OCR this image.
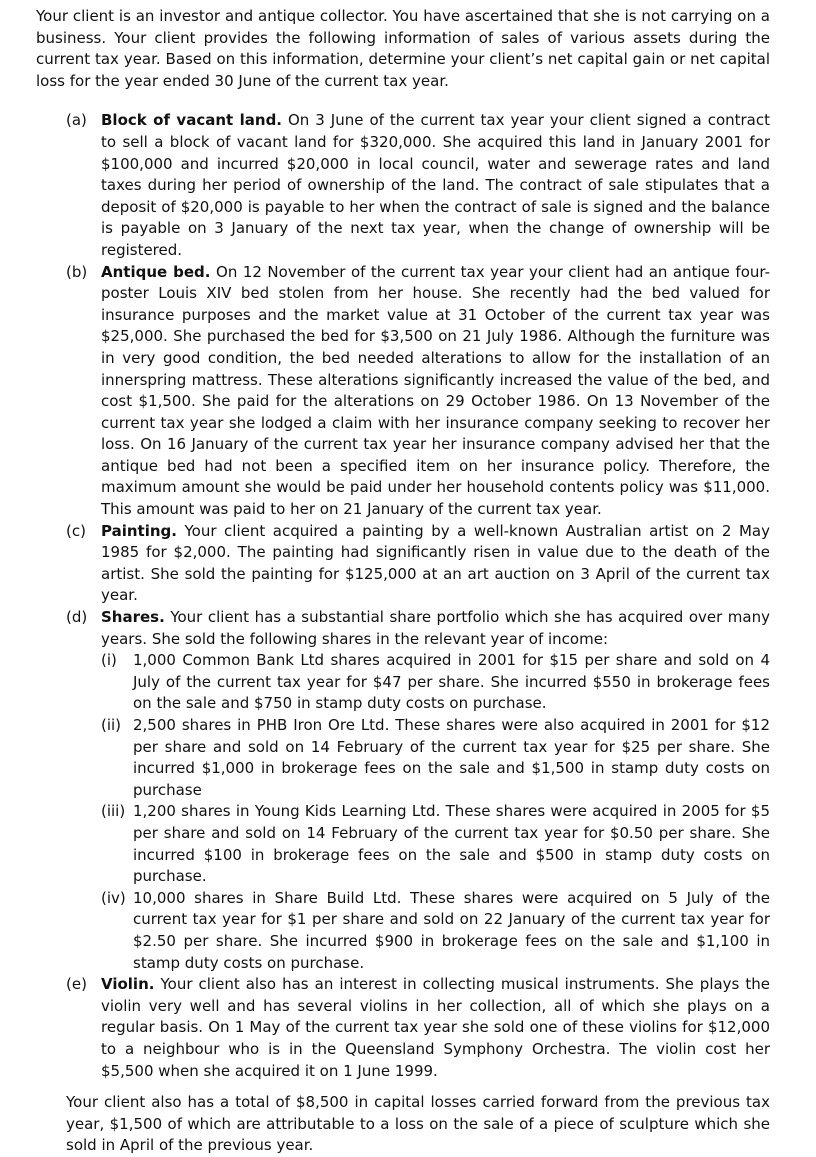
Your client is an investor and antique collector. You have ascertained that she is not carrying on a business. Your client provides the following information of sales of various assets during the current tax year. Based on this information, determine your client’s net capital gain or net capital loss for the year ended 30 June of the current tax year.

(a) Block of vacant land. On 3 June of the current tax year your client signed a contract to sell a block of vacant land for $320,000. She acquired this land in January 2001 for $100,000 and incurred $20,000 in local council, water and sewerage rates and land taxes during her period of ownership of the land. The contract of sale stipulates that a deposit of $20,000 is payable to her when the contract of sale is signed and the balance is payable on 3 January of the next tax year, when the change of ownership will be registered.
(b) Antique bed. On 12 November of the current tax year your client had an antique four-poster Louis XIV bed stolen from her house. She recently had the bed valued for insurance purposes and the market value at 31 October of the current tax year was $25,000. She purchased the bed for $3,500 on 21 July 1986. Although the furniture was in very good condition, the bed needed alterations to allow for the installation of an innerspring mattress. These alterations significantly increased the value of the bed, and cost $1,500. She paid for the alterations on 29 October 1986. On 13 November of the current tax year she lodged a claim with her insurance company seeking to recover her loss. On 16 January of the current tax year her insurance company advised her that the antique bed had not been a specified item on her insurance policy. Therefore, the maximum amount she would be paid under her household contents policy was $11,000. This amount was paid to her on 21 January of the current tax year.
(c) Painting. Your client acquired a painting by a well-known Australian artist on 2 May 1985 for $2,000. The painting had significantly risen in value due to the death of the artist. She sold the painting for $125,000 at an art auction on 3 April of the current tax year.
(d) Shares. Your client has a substantial share portfolio which she has acquired over many years. She sold the following shares in the relevant year of income:
(i) 1,000 Common Bank Ltd shares acquired in 2001 for $15 per share and sold on 4 July of the current tax year for $47 per share. She incurred $550 in brokerage fees on the sale and $750 in stamp duty costs on purchase.
(ii) 2,500 shares in PHB Iron Ore Ltd. These shares were also acquired in 2001 for $12 per share and sold on 14 February of the current tax year for $25 per share. She incurred $1,000 in brokerage fees on the sale and $1,500 in stamp duty costs on purchase
(iii) 1,200 shares in Young Kids Learning Ltd. These shares were acquired in 2005 for $5 per share and sold on 14 February of the current tax year for $0.50 per share. She incurred $100 in brokerage fees on the sale and $500 in stamp duty costs on purchase.
(iv) 10,000 shares in Share Build Ltd. These shares were acquired on 5 July of the current tax year for $1 per share and sold on 22 January of the current tax year for $2.50 per share. She incurred $900 in brokerage fees on the sale and $1,100 in stamp duty costs on purchase.
(e) Violin. Your client also has an interest in collecting musical instruments. She plays the violin very well and has several violins in her collection, all of which she plays on a regular basis. On 1 May of the current tax year she sold one of these violins for $12,000 to a neighbour who is in the Queensland Symphony Orchestra. The violin cost her $5,500 when she acquired it on 1 June 1999.

Your client also has a total of $8,500 in capital losses carried forward from the previous tax year, $1,500 of which are attributable to a loss on the sale of a piece of sculpture which she sold in April of the previous year.
